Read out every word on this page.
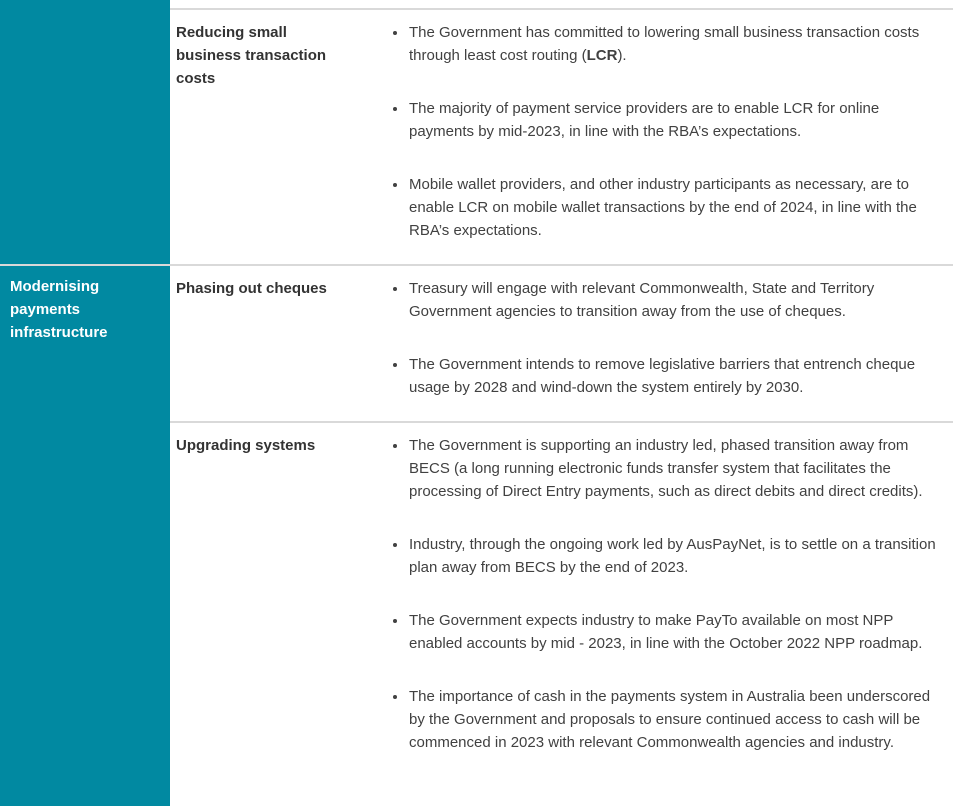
Reducing small business transaction costs
• The Government has committed to lowering small business transaction costs through least cost routing (LCR).
• The majority of payment service providers are to enable LCR for online payments by mid-2023, in line with the RBA’s expectations.
• Mobile wallet providers, and other industry participants as necessary, are to enable LCR on mobile wallet transactions by the end of 2024, in line with the RBA’s expectations.
Modernising payments infrastructure
Phasing out cheques	• Treasury will engage with relevant Commonwealth, State and Territory Government agencies to transition away from the use of cheques.
• The Government intends to remove legislative barriers that entrench cheque usage by 2028 and wind-down the system entirely by 2030.
Upgrading systems	• The Government is supporting an industry led, phased transition away from BECS (a long running electronic funds transfer system that facilitates the processing of Direct Entry payments, such as direct debits and direct credits).
• Industry, through the ongoing work led by AusPayNet, is to settle on a transition plan away from BECS by the end of 2023.
• The Government expects industry to make PayTo available on most NPP enabled accounts by mid - 2023, in line with the October 2022 NPP roadmap.
• The importance of cash in the payments system in Australia been underscored by the Government and proposals to ensure continued access to cash will be commenced in 2023 with relevant Commonwealth agencies and industry.
